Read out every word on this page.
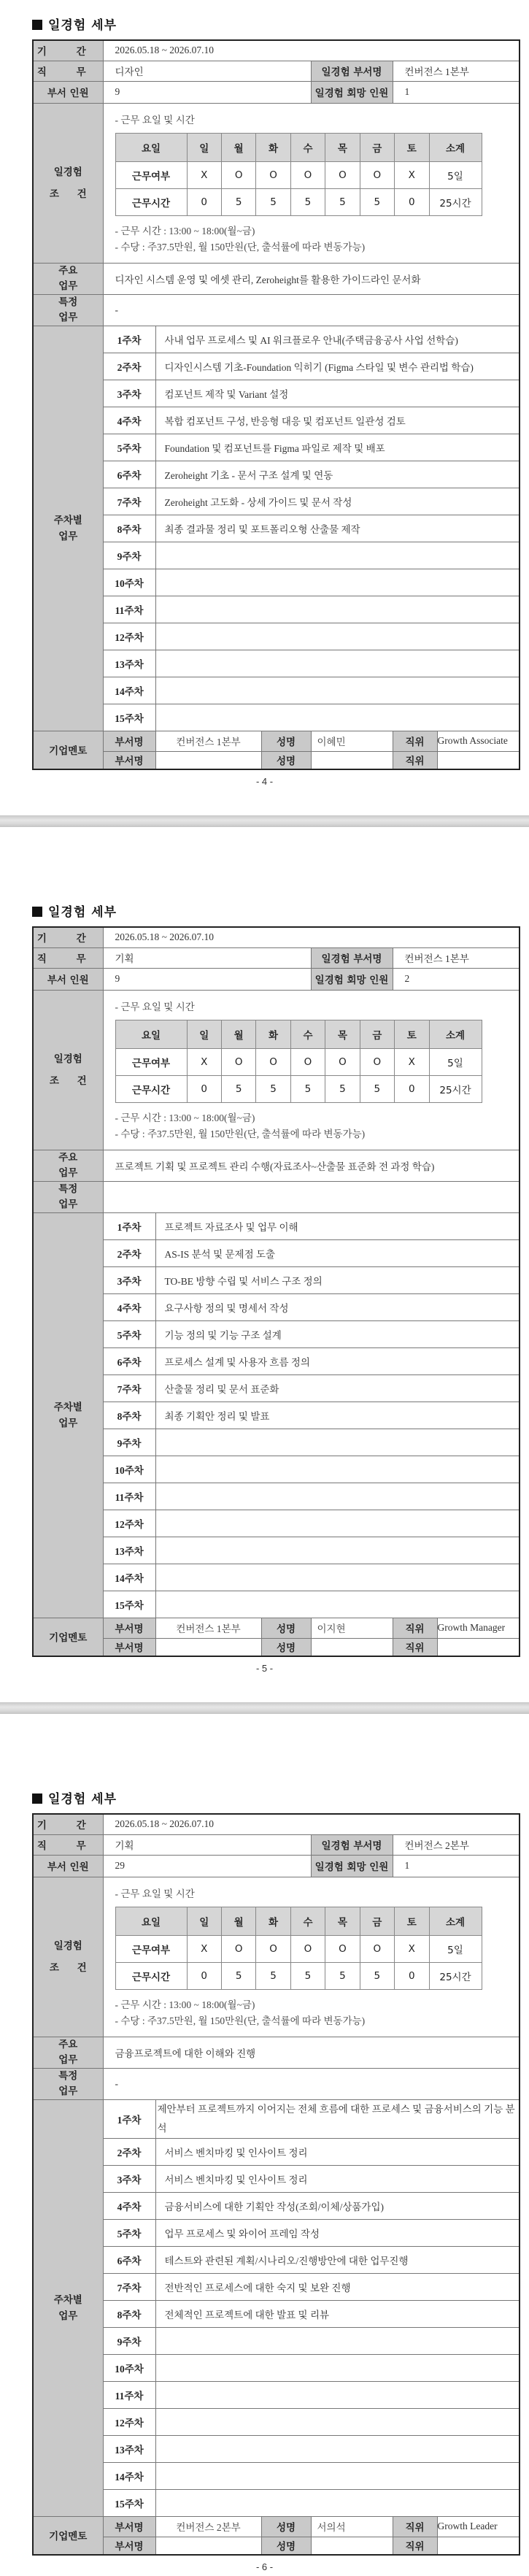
일경험 세부
기 간	2026.05.18 ~ 2026.07.10
직 무	디자인	일경험 부서명	컨버전스 1본부
부서 인원	9	일경험 회망 인원	1
일경험
조 건	
- 근무 요일 및 시간
요일	일	월	화	수	목	금	토	소계
근무여부	X	O	O	O	O	O	X	5일
근무시간	0	5	5	5	5	5	0	25시간
- 근무 시간 : 13:00 ~ 18:00(월~금)
- 수당 : 주37.5만원, 월 150만원(단, 출석률에 따라 변동가능)

주요
업무	디자인 시스템 운영 및 에셋 관리, Zeroheight를 활용한 가이드라인 문서화
특정
업무	-
주차별
업무	1주차	사내 업무 프로세스 및 AI 워크플로우 안내(주택금융공사 사업 선학습)
2주차	디자인시스템 기초-Foundation 익히기 (Figma 스타일 및 변수 관리법 학습)
3주차	컴포넌트 제작 및 Variant 설정
4주차	복합 컴포넌트 구성, 반응형 대응 및 컴포넌트 일관성 검토
5주차	Foundation 및 컴포넌트를 Figma 파일로 제작 및 배포
6주차	Zeroheight 기초 - 문서 구조 설계 및 연동
7주차	Zeroheight 고도화 - 상세 가이드 및 문서 작성
8주차	최종 결과물 정리 및 포트폴리오형 산출물 제작
9주차	
10주차	
11주차	
12주차	
13주차	
14주차	
15주차	
기업멘토	부서명	컨버전스 1본부	성명	이혜민	직위	Growth Associate
부서명		성명		직위	
- 4 -
일경험 세부
기 간	2026.05.18 ~ 2026.07.10
직 무	기획	일경험 부서명	컨버전스 1본부
부서 인원	9	일경험 회망 인원	2
일경험
조 건	
- 근무 요일 및 시간
요일	일	월	화	수	목	금	토	소계
근무여부	X	O	O	O	O	O	X	5일
근무시간	0	5	5	5	5	5	0	25시간
- 근무 시간 : 13:00 ~ 18:00(월~금)
- 수당 : 주37.5만원, 월 150만원(단, 출석률에 따라 변동가능)

주요
업무	프로젝트 기획 및 프로젝트 관리 수행(자료조사~산출물 표준화 전 과정 학습)
특정
업무	
주차별
업무	1주차	프로젝트 자료조사 및 업무 이해
2주차	AS-IS 분석 및 문제점 도출
3주차	TO-BE 방향 수립 및 서비스 구조 정의
4주차	요구사항 정의 및 명세서 작성
5주차	기능 정의 및 기능 구조 설계
6주차	프로세스 설계 및 사용자 흐름 정의
7주차	산출물 정리 및 문서 표준화
8주차	최종 기획안 정리 및 발표
9주차	
10주차	
11주차	
12주차	
13주차	
14주차	
15주차	
기업멘토	부서명	컨버전스 1본부	성명	이지현	직위	Growth Manager
부서명		성명		직위	
- 5 -
일경험 세부
기 간	2026.05.18 ~ 2026.07.10
직 무	기획	일경험 부서명	컨버전스 2본부
부서 인원	29	일경험 회망 인원	1
일경험
조 건	
- 근무 요일 및 시간
요일	일	월	화	수	목	금	토	소계
근무여부	X	O	O	O	O	O	X	5일
근무시간	0	5	5	5	5	5	0	25시간
- 근무 시간 : 13:00 ~ 18:00(월~금)
- 수당 : 주37.5만원, 월 150만원(단, 출석률에 따라 변동가능)

주요
업무	금융프로젝트에 대한 이해와 진행
특정
업무	-
주차별
업무	1주차	제안부터 프로젝트까지 이어지는 전체 흐름에 대한 프로세스 및 금융서비스의 기능 분석
2주차	서비스 벤치마킹 및 인사이트 정리
3주차	서비스 벤치마킹 및 인사이트 정리
4주차	금융서비스에 대한 기획안 작성(조회/이체/상품가입)
5주차	업무 프로세스 및 와이어 프레임 작성
6주차	테스트와 관련된 계획/시나리오/진행방안에 대한 업무진행
7주차	전반적인 프로세스에 대한 숙지 및 보완 진행
8주차	전체적인 프로젝트에 대한 발표 및 리뷰
9주차	
10주차	
11주차	
12주차	
13주차	
14주차	
15주차	
기업멘토	부서명	컨버전스 2본부	성명	서의석	직위	Growth Leader
부서명		성명		직위	
- 6 -
